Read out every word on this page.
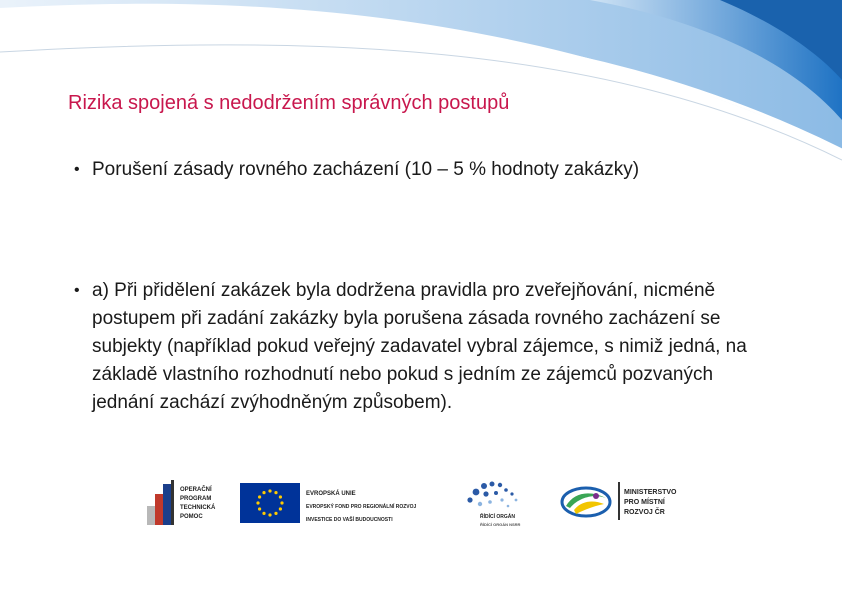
Rizika spojená s nedodržením správných postupů
• Porušení zásady rovného zacházení (10 – 5 % hodnoty zakázky)
• a) Při přidělení zakázek byla dodržena pravidla pro zveřejňování, nicméně postupem při zadání zakázky byla porušena zásada rovného zacházení se subjekty (například pokud veřejný zadavatel vybral zájemce, s nimiž jedná, na základě vlastního rozhodnutí nebo pokud s jedním ze zájemců pozvaných jednání zachází zvýhodněným způsobem).
OPERAČNÍ
PROGRAM
TECHNICKÁ
POMOC
EVROPSKÁ UNIE
EVROPSKÝ FOND PRO REGIONÁLNÍ ROZVOJ
INVESTICE DO VAŠÍ BUDOUCNOSTI	ŘÍDÍCÍ ORGÁN
ŘÍDÍCÍ ORGÁN NSRR
MINISTERSTVO
PRO MÍSTNÍ
ROZVOJ ČR
